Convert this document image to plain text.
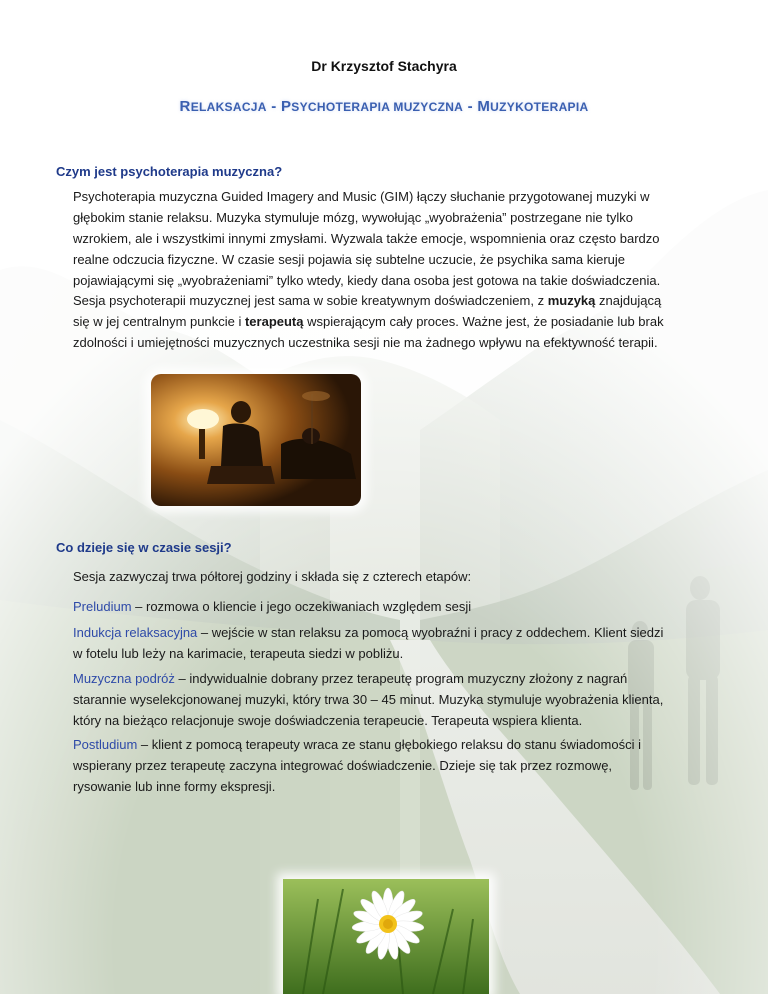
Dr Krzysztof Stachyra
RELAKSACJA - PSYCHOTERAPIA MUZYCZNA - MUZYKOTERAPIA
Czym jest psychoterapia muzyczna?
Psychoterapia muzyczna Guided Imagery and Music (GIM) łączy słuchanie przygotowanej muzyki w głębokim stanie relaksu. Muzyka stymuluje mózg, wywołując „wyobrażenia” postrzegane nie tylko wzrokiem, ale i wszystkimi innymi zmysłami. Wyzwala także emocje, wspomnienia oraz często bardzo realne odczucia fizyczne. W czasie sesji pojawia się subtelne uczucie, że psychika sama kieruje pojawiającymi się „wyobrażeniami” tylko wtedy, kiedy dana osoba jest gotowa na takie doświadczenia.
Sesja psychoterapii muzycznej jest sama w sobie kreatywnym doświadczeniem, z muzyką znajdującą się w jej centralnym punkcie i terapeutą wspierającym cały proces. Ważne jest, że posiadanie lub brak zdolności i umiejętności muzycznych uczestnika sesji nie ma żadnego wpływu na efektywność terapii.
Co dzieje się w czasie sesji?
Sesja zazwyczaj trwa półtorej godziny i składa się z czterech etapów:
Preludium – rozmowa o kliencie i jego oczekiwaniach względem sesji
Indukcja relaksacyjna – wejście w stan relaksu za pomocą wyobraźni i pracy z oddechem. Klient siedzi w fotelu lub leży na karimacie, terapeuta siedzi w pobliżu.
Muzyczna podróż – indywidualnie dobrany przez terapeutę program muzyczny złożony z nagrań starannie wyselekcjonowanej muzyki, który trwa 30 – 45 minut. Muzyka stymuluje wyobrażenia klienta, który na bieżąco relacjonuje swoje doświadczenia terapeucie. Terapeuta wspiera klienta.
Postludium – klient z pomocą terapeuty wraca ze stanu głębokiego relaksu do stanu świadomości i wspierany przez terapeutę zaczyna integrować doświadczenie. Dzieje się tak przez rozmowę, rysowanie lub inne formy ekspresji.
